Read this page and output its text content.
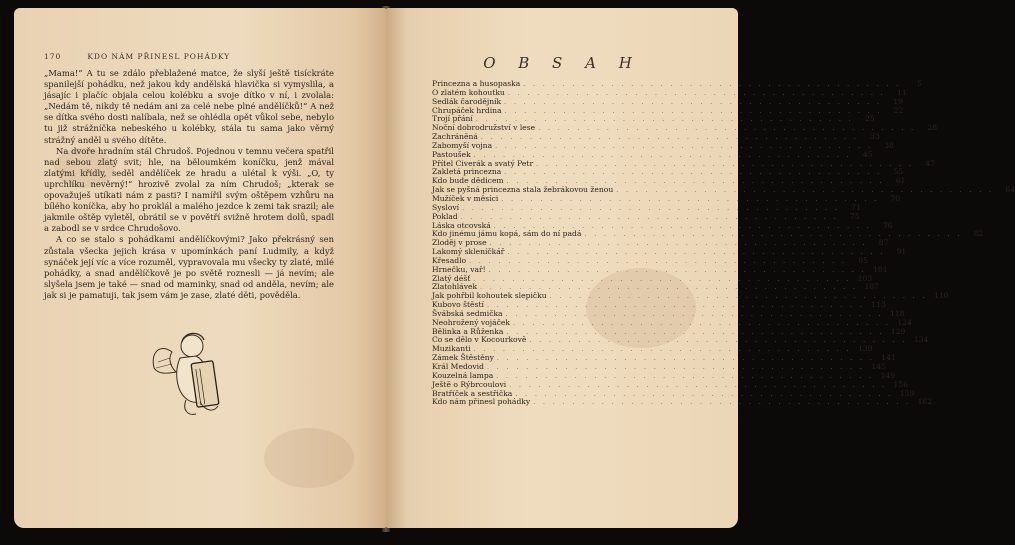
170	KDO NÁM PŘINESL POHÁDKY

„Mama!“ A tu se zdálo přeblažené matce, že slyší ještě tisíckráte spanilejší pohádku, než jakou kdy andělská hlavička si vymyslila, a jásajíc i plačíc objala celou kolébku a svoje dítko v ní, i zvolala: „Nedám tě, nikdy tě nedám ani za celé nebe plné andělíčků!“ A než se dítka svého dosti nalíbala, než se ohlédla opět vůkol sebe, nebylo tu již strážníčka nebeského u kolébky, stála tu sama jako věrný strážný anděl u svého dítěte.

Na dvoře hradním stál Chrudoš. Pojednou v temnu večera spatřil nad sebou zlatý svit; hle, na běloumkém koníčku, jenž mával zlatými křídly, seděl andělíček ze hradu a ulétal k výši. „O, ty uprchlíku nevěrný!“ hrozivě zvolal za ním Chrudoš; „kterak se opovažuješ utíkati nám z pasti? I namířil svým oštěpem vzhůru na bílého koníčka, aby ho proklál a malého jezdce k zemi tak srazil; ale jakmile oštěp vyletěl, obrátil se v povětří svižně hrotem dolů, spadl a zabodl se v srdce Chrudošovo.

A co se stalo s pohádkami andělíčkovými? Jako překrásný sen zůstala všecka jejich krása v upomínkách paní Ludmily, a když synáček její víc a více rozuměl, vypravovala mu všecky ty zlaté, milé pohádky, a snad andělíčkově je po světě roznesli — já nevím; ale slyšela jsem je také — snad od maminky, snad od anděla, nevím; ale jak si je pamatuji, tak jsem vám je zase, zlaté děti, pověděla.

O B S A H
Princezna a husopaska . . . . . . . . . . . . . . . . . . . . . . . . . . . . . . . . . . . . . . .	5
O zlatém kohoutku . . . . . . . . . . . . . . . . . . . . . . . . . . . . . . . . . . . . . . .	11
Sedlák čarodějník . . . . . . . . . . . . . . . . . . . . . . . . . . . . . . . . . . . . . . .	19
Chrupáček hrdina . . . . . . . . . . . . . . . . . . . . . . . . . . . . . . . . . . . . . . .	22
Trojí přání . . . . . . . . . . . . . . . . . . . . . . . . . . . . . . . . . . . . . . .	25
Noční dobrodružství v lese . . . . . . . . . . . . . . . . . . . . . . . . . . . . . . . . . . . . . . .	28
Zachráněná . . . . . . . . . . . . . . . . . . . . . . . . . . . . . . . . . . . . . . .	33
Zabomyší vojna . . . . . . . . . . . . . . . . . . . . . . . . . . . . . . . . . . . . . . .	38
Pastoušek . . . . . . . . . . . . . . . . . . . . . . . . . . . . . . . . . . . . . . .	45
Přítel Civerák a svatý Petr . . . . . . . . . . . . . . . . . . . . . . . . . . . . . . . . . . . . . . .	47
Zakletá princezna . . . . . . . . . . . . . . . . . . . . . . . . . . . . . . . . . . . . . . .	55
Kdo bude dědicem . . . . . . . . . . . . . . . . . . . . . . . . . . . . . . . . . . . . . . .	61
Jak se pyšná princezna stala žebrákovou ženou . . . . . . . . . . . . . . . . . . . . . . . . . . . . . . . . . . . . . . .	64
Mužíček v měsíci . . . . . . . . . . . . . . . . . . . . . . . . . . . . . . . . . . . . . . .	70
Sysloví . . . . . . . . . . . . . . . . . . . . . . . . . . . . . . . . . . . . . . .	71
Poklad . . . . . . . . . . . . . . . . . . . . . . . . . . . . . . . . . . . . . . .	75
Láska otcovská . . . . . . . . . . . . . . . . . . . . . . . . . . . . . . . . . . . . . . .	76
Kdo jinému jámu kopá, sám do ní padá . . . . . . . . . . . . . . . . . . . . . . . . . . . . . . . . . . . . . . .	82
Zloděj v prose . . . . . . . . . . . . . . . . . . . . . . . . . . . . . . . . . . . . . . .	87
Lakomý skleníčkář . . . . . . . . . . . . . . . . . . . . . . . . . . . . . . . . . . . . . . .	91
Křesadlo . . . . . . . . . . . . . . . . . . . . . . . . . . . . . . . . . . . . . . .	95
Hrnečku, vař! . . . . . . . . . . . . . . . . . . . . . . . . . . . . . . . . . . . . . . . 101
Zlatý déšť . . . . . . . . . . . . . . . . . . . . . . . . . . . . . . . . . . . . . . . 103
Zlatohlávek . . . . . . . . . . . . . . . . . . . . . . . . . . . . . . . . . . . . . . . 107
Jak pohřbil kohoutek slepičku . . . . . . . . . . . . . . . . . . . . . . . . . . . . . . . . . . . . . . . 110
Kubovo štěstí . . . . . . . . . . . . . . . . . . . . . . . . . . . . . . . . . . . . . . . 113
Švábská sedmička . . . . . . . . . . . . . . . . . . . . . . . . . . . . . . . . . . . . . . . 118
Neohrožený vojáček . . . . . . . . . . . . . . . . . . . . . . . . . . . . . . . . . . . . . . . 124
Bělinka a Růženka . . . . . . . . . . . . . . . . . . . . . . . . . . . . . . . . . . . . . . . 129
Co se dělo v Kocourkově . . . . . . . . . . . . . . . . . . . . . . . . . . . . . . . . . . . . . . . 134
Muzikanti . . . . . . . . . . . . . . . . . . . . . . . . . . . . . . . . . . . . . . . 139
Zámek Štěstěny . . . . . . . . . . . . . . . . . . . . . . . . . . . . . . . . . . . . . . . 141
Král Medovid . . . . . . . . . . . . . . . . . . . . . . . . . . . . . . . . . . . . . . . 145
Kouzelná lampa . . . . . . . . . . . . . . . . . . . . . . . . . . . . . . . . . . . . . . . 149
Ještě o Rýbrcoulovi . . . . . . . . . . . . . . . . . . . . . . . . . . . . . . . . . . . . . . . 156
Bratříček a sestřička . . . . . . . . . . . . . . . . . . . . . . . . . . . . . . . . . . . . . . . 159
Kdo nám přinesl pohádky . . . . . . . . . . . . . . . . . . . . . . . . . . . . . . . . . . . . . . . 162
